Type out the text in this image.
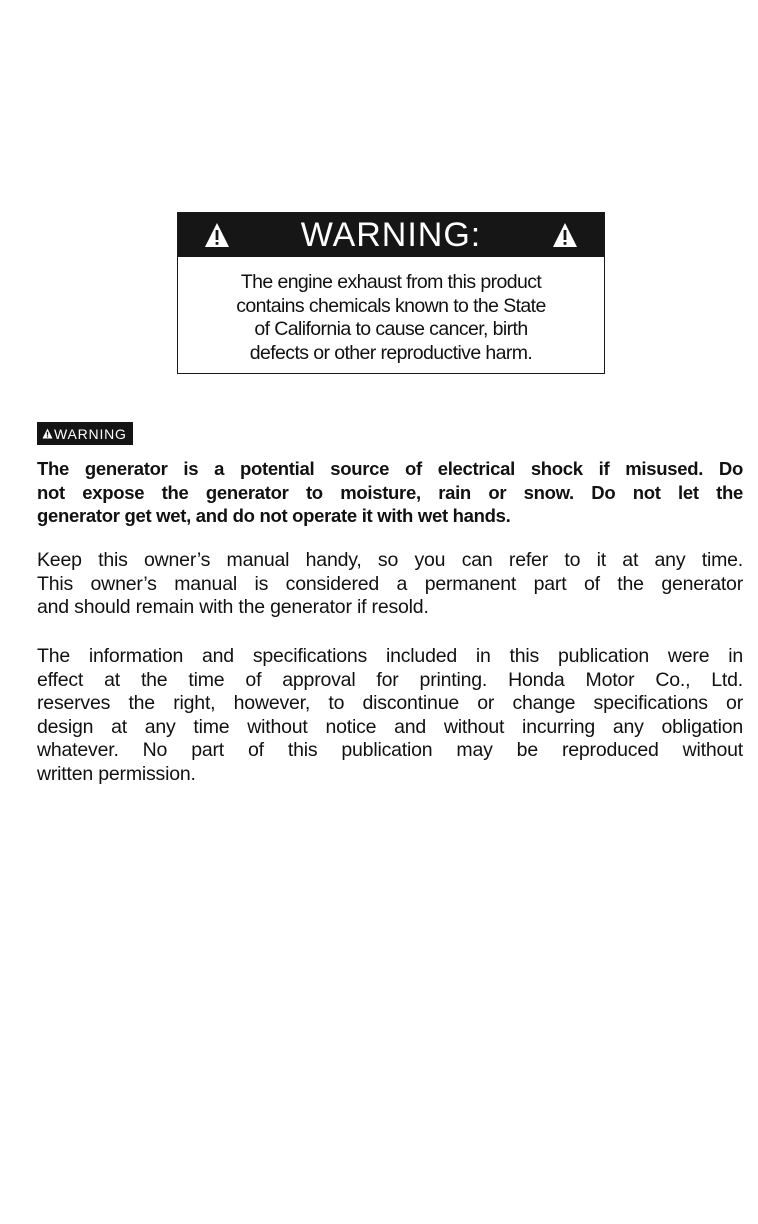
WARNING:
The engine exhaust from this product
contains chemicals known to the State
of California to cause cancer, birth
defects or other reproductive harm.
WARNING

The generator is a potential source of electrical shock if misused. Do
not expose the generator to moisture, rain or snow. Do not let the
generator get wet, and do not operate it with wet hands.

Keep this owner’s manual handy, so you can refer to it at any time.
This owner’s manual is considered a permanent part of the generator
and should remain with the generator if resold.

The information and specifications included in this publication were in
effect at the time of approval for printing. Honda Motor Co., Ltd.
reserves the right, however, to discontinue or change specifications or
design at any time without notice and without incurring any obligation
whatever. No part of this publication may be reproduced without
written permission.
